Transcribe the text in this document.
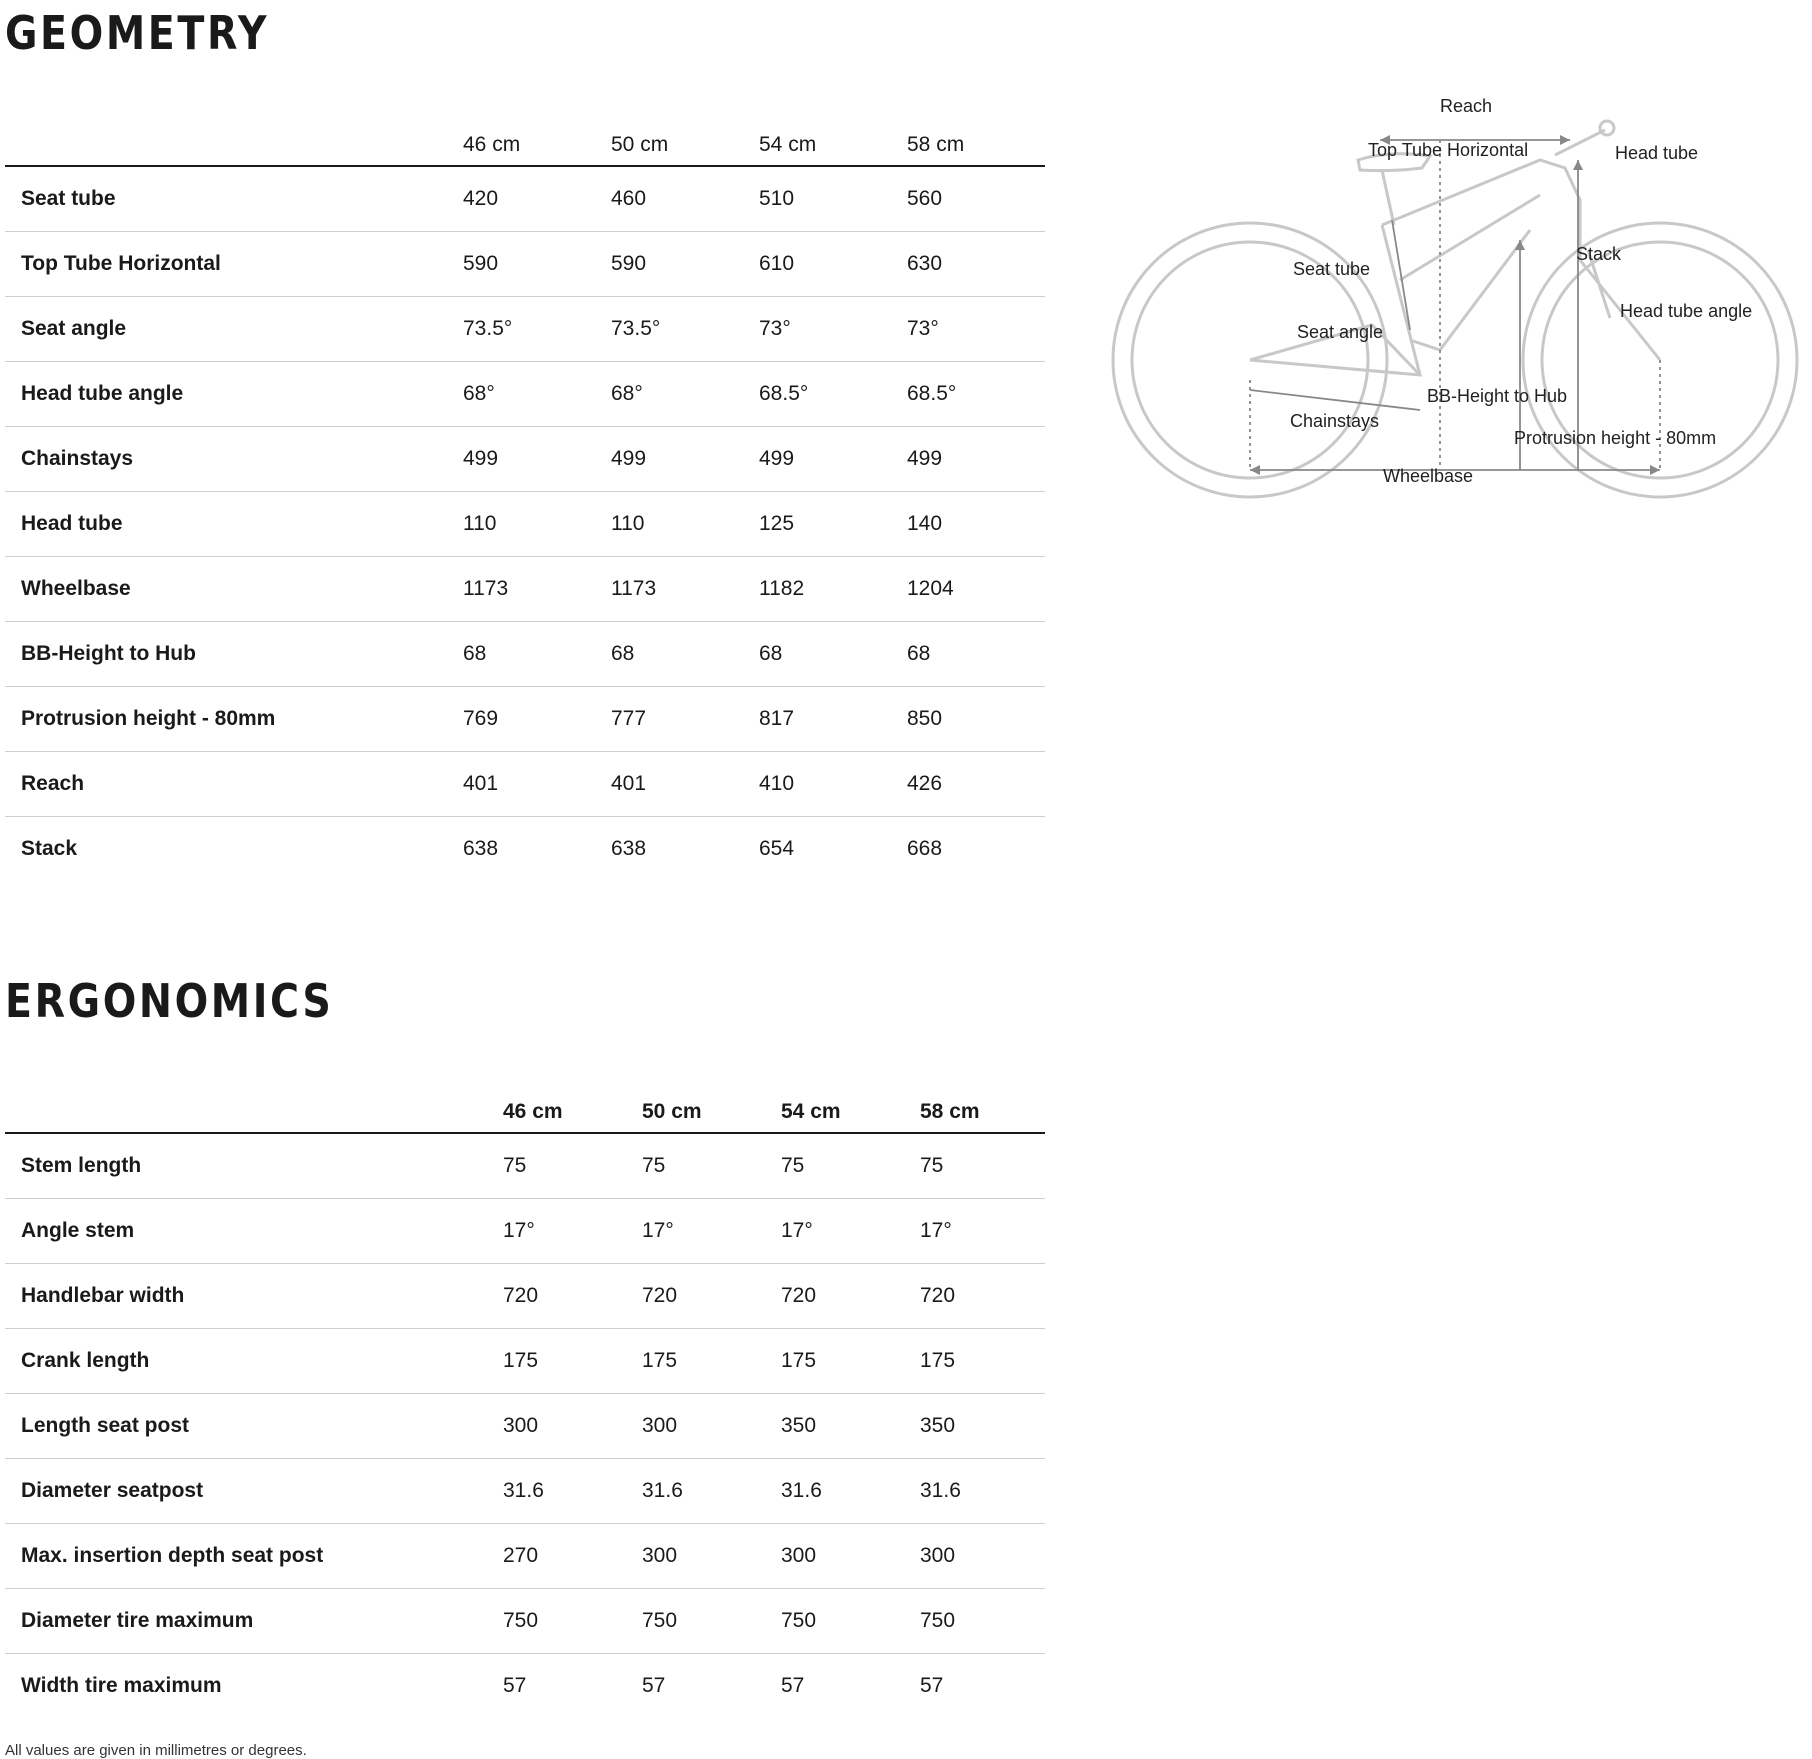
GEOMETRY
	46 cm	50 cm	54 cm	58 cm
Seat tube	420	460	510	560
Top Tube Horizontal	590	590	610	630
Seat angle	73.5°	73.5°	73°	73°
Head tube angle	68°	68°	68.5°	68.5°
Chainstays	499	499	499	499
Head tube	110	110	125	140
Wheelbase	1173	1173	1182	1204
BB-Height to Hub	68	68	68	68
Protrusion height - 80mm	769	777	817	850
Reach	401	401	410	426
Stack	638	638	654	668
Reach
Top Tube Horizontal	Head tube
Stack
Seat tube
Head tube angle
Seat angle
BB-Height to Hub
Chainstays
Protrusion height - 80mm
Wheelbase
ERGONOMICS
	46 cm	50 cm	54 cm	58 cm
Stem length	75	75	75	75
Angle stem	17°	17°	17°	17°
Handlebar width	720	720	720	720
Crank length	175	175	175	175
Length seat post	300	300	350	350
Diameter seatpost	31.6	31.6	31.6	31.6
Max. insertion depth seat post	270	300	300	300
Diameter tire maximum	750	750	750	750
Width tire maximum	57	57	57	57
All values are given in millimetres or degrees.
